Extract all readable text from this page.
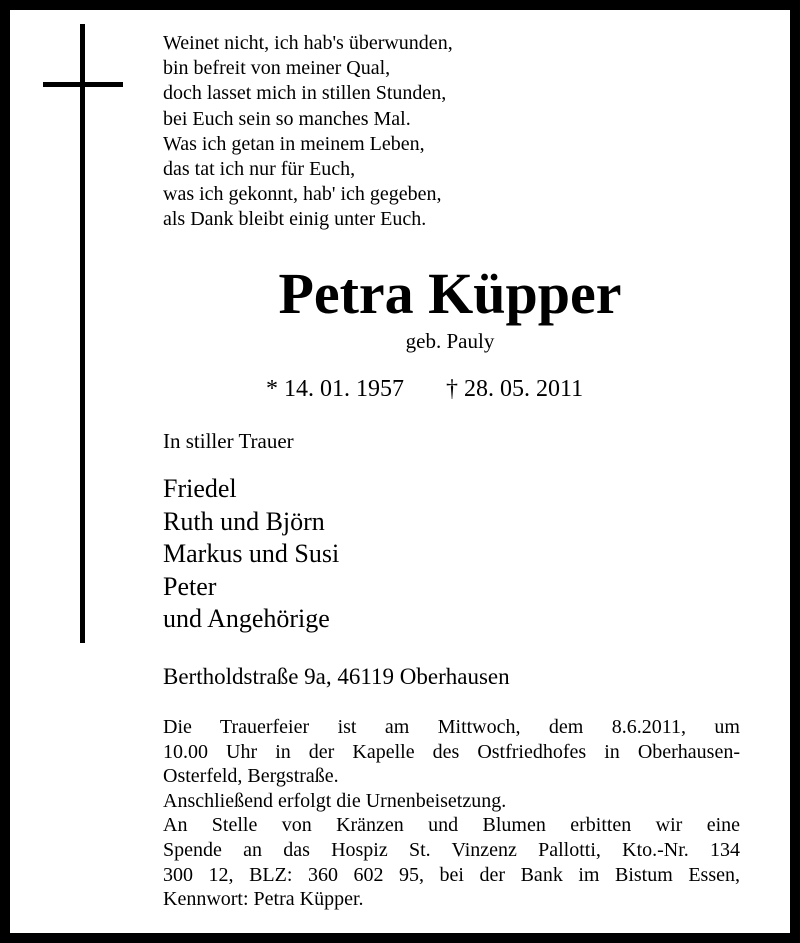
Weinet nicht, ich hab's überwunden,
bin befreit von meiner Qual,
doch lasset mich in stillen Stunden,
bei Euch sein so manches Mal.
Was ich getan in meinem Leben,
das tat ich nur für Euch,
was ich gekonnt, hab' ich gegeben,
als Dank bleibt einig unter Euch.
Petra Küpper
geb. Pauly
* 14. 01. 1957 † 28. 05. 2011
In stiller Trauer
Friedel
Ruth und Björn
Markus und Susi
Peter
und Angehörige
Bertholdstraße 9a, 46119 Oberhausen
Die Trauerfeier ist am Mittwoch, dem 8.6.2011, um
10.00 Uhr in der Kapelle des Ostfriedhofes in Oberhausen-
Osterfeld, Bergstraße.
Anschließend erfolgt die Urnenbeisetzung.
An Stelle von Kränzen und Blumen erbitten wir eine
Spende an das Hospiz St. Vinzenz Pallotti, Kto.-Nr. 134
300 12, BLZ: 360 602 95, bei der Bank im Bistum Essen,
Kennwort: Petra Küpper.
